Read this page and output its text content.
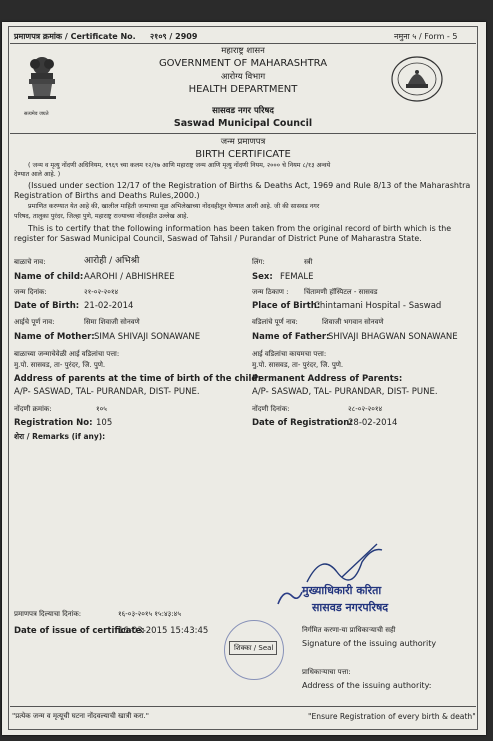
प्रमाणपत्र क्रमांक / Certificate No. २१०९ / 2909	नमुना ५ / Form - 5
सत्यमेव जयते
महाराष्ट्र शासन
GOVERNMENT OF MAHARASHTRA
आरोग्य विभाग
HEALTH DEPARTMENT
सासवड नगर परिषद
Saswad Municipal Council
जन्म प्रमाणपत्र
BIRTH CERTIFICATE
( जन्म व मृत्यु नोंदणी अधिनियम, १९६९ च्या कलम १२/१७ आणि महाराष्ट्र जन्म आणि मृत्यु नोंदणी नियम, २००० चे नियम ८/१३ अन्वये
देण्यात आले आहे. )
(Issued under section 12/17 of the Registration of Births & Deaths Act, 1969 and Rule 8/13 of the Maharashtra
Registration of Births and Deaths Rules,2000.)
प्रमाणित करण्यात येत आहे की, खालील माहिती जन्माच्या मूळ अभिलेखाच्या नोंदवहीतून घेण्यात आली आहे. जी की सासवड नगर
परिषद, तालुका पुरंदर, जिल्हा पुणे, महाराष्ट्र राज्याच्या नोंदवहीत उल्लेख आहे.
This is to certify that the following information has been taken from the original record of birth which is the
register for Saswad Municipal Council, Saswad of Tahsil / Purandar of District Pune of Maharastra State.
बाळाचे नाव:	आरोही / अभिश्री
Name of child: AARОHI / ABHISHREE
लिंग:	स्त्री
Sex: FEMALE
जन्म दिनांक:	२१-०२-२०१४
Date of Birth: 21-02-2014
जन्म ठिकाण : चिंतामणी हॉस्पिटल - सासवड
Place of Birth:
Chintamani Hospital - Saswad
आईचे पूर्ण नाव:	सिमा शिवाजी सोनवणे
Name of Mother: SIMA SHIVAJI SONAWANE
वडिलांचे पूर्ण नाव:	शिवाजी भगवान सोनवणे
Name of Father:
SHIVAJI BHAGWAN SONAWANE
बाळाच्या जन्माचेवेळी आई वडिलांचा पत्ता:
मु.पो. सासवड, ता- पुरंदर, जि. पुणे.
Address of parents at the time of birth of the child:
A/P- SASWAD, TAL- PURANDAR, DIST- PUNE.
आई वडिलांचा कायमचा पत्ता:
मु.पो. सासवड, ता- पुरंदर, जि. पुणे.
Permanent Address of Parents:
A/P- SASWAD, TAL- PURANDAR, DIST- PUNE.
नोंदणी क्रमांक:	१०५
Registration No: 105
नोंदणी दिनांक:	२८-०२-२०१४
Date of Registration:
28-02-2014
शेरा / Remarks (if any):
मुख्याधिकारी करिता
सासवड नगरपरिषद
प्रमाणपत्र दिल्याचा दिनांक:	१६-०३-२०१५ १५:४३:४५
Date of issue of certificate:
16-03-2015 15:43:45
शिक्का / Seal
निर्गमित करणा-या प्राधिकाऱ्याची सही
Signature of the issuing authority
प्राधिकाऱ्याचा पत्ता:
Address of the issuing authority:
"प्रत्येक जन्म व मृत्यूची घटना नोंदवल्याची खात्री करा."	"Ensure Registration of every birth & death"
